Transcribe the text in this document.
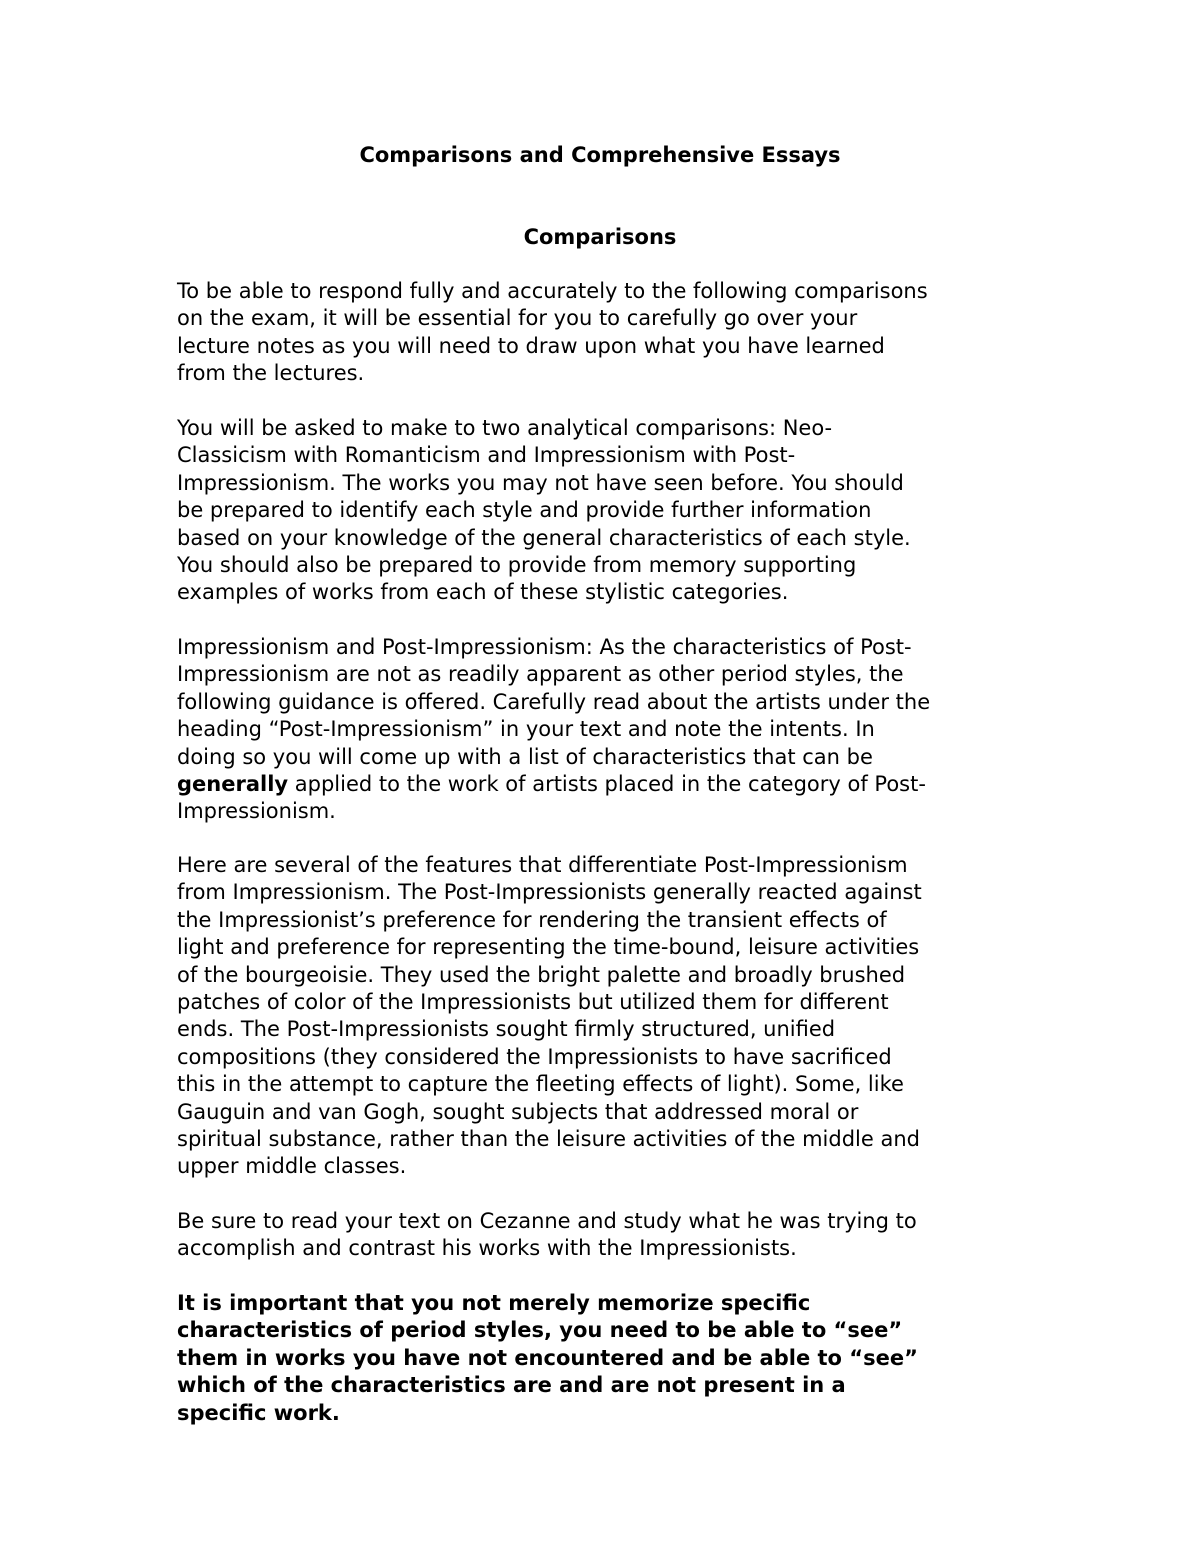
Comparisons and Comprehensive Essays
Comparisons

To be able to respond fully and accurately to the following comparisons
on the exam, it will be essential for you to carefully go over your
lecture notes as you will need to draw upon what you have learned
from the lectures.

You will be asked to make to two analytical comparisons: Neo-
Classicism with Romanticism and Impressionism with Post-
Impressionism. The works you may not have seen before. You should
be prepared to identify each style and provide further information
based on your knowledge of the general characteristics of each style.
You should also be prepared to provide from memory supporting
examples of works from each of these stylistic categories.

Impressionism and Post-Impressionism: As the characteristics of Post-
Impressionism are not as readily apparent as other period styles, the
following guidance is offered. Carefully read about the artists under the
heading “Post-Impressionism” in your text and note the intents. In
doing so you will come up with a list of characteristics that can be
generally applied to the work of artists placed in the category of Post-
Impressionism.

Here are several of the features that differentiate Post-Impressionism
from Impressionism. The Post-Impressionists generally reacted against
the Impressionist’s preference for rendering the transient effects of
light and preference for representing the time-bound, leisure activities
of the bourgeoisie. They used the bright palette and broadly brushed
patches of color of the Impressionists but utilized them for different
ends. The Post-Impressionists sought firmly structured, unified
compositions (they considered the Impressionists to have sacrificed
this in the attempt to capture the fleeting effects of light). Some, like
Gauguin and van Gogh, sought subjects that addressed moral or
spiritual substance, rather than the leisure activities of the middle and
upper middle classes.

Be sure to read your text on Cezanne and study what he was trying to
accomplish and contrast his works with the Impressionists.

It is important that you not merely memorize specific
characteristics of period styles, you need to be able to “see”
them in works you have not encountered and be able to “see”
which of the characteristics are and are not present in a
specific work.
